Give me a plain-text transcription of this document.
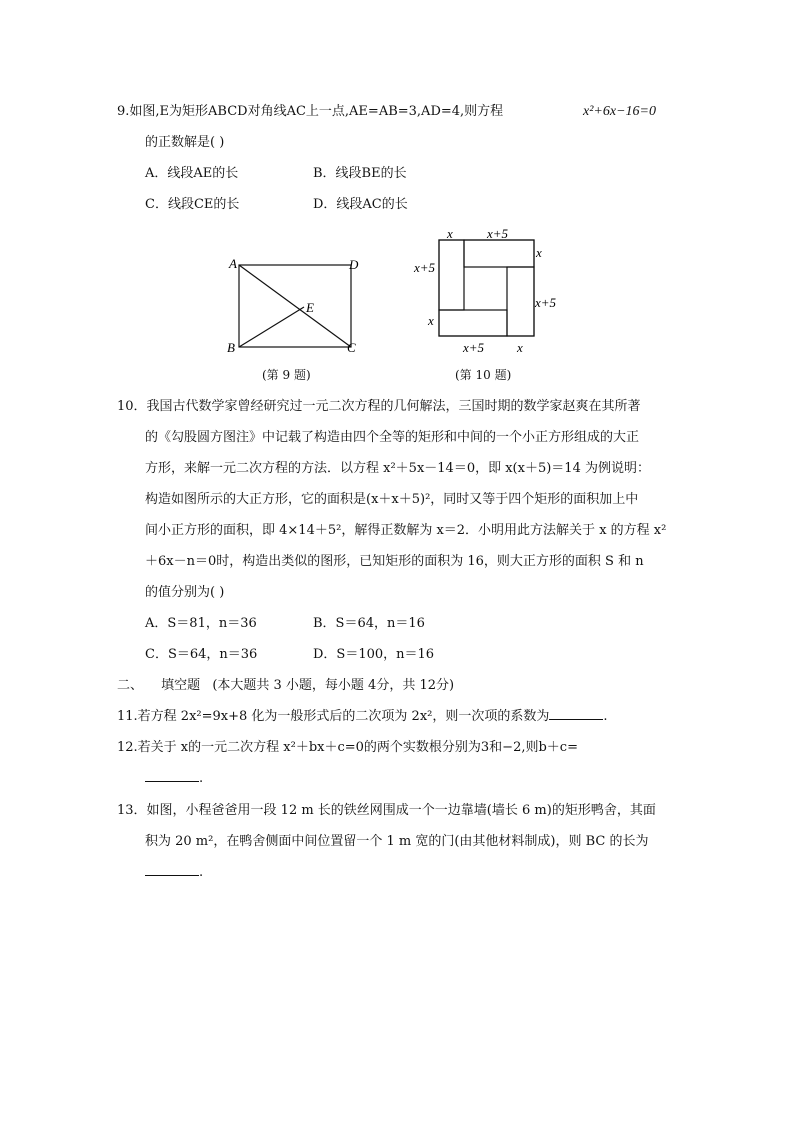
9.如图,E为矩形ABCD对角线AC上一点,AE=AB=3,AD=4,则方程	x²+6x−16=0
的正数解是( )
A．线段AE的长	B．线段BE的长
C．线段CE的长	D．线段AC的长
A	D
B	C
E
(第 9 题)
x	x+5
x
x+5
x+5
x
x+5	x
(第 10 题)
10．我国古代数学家曾经研究过一元二次方程的几何解法，三国时期的数学家赵爽在其所著
的《勾股圆方图注》中记载了构造由四个全等的矩形和中间的一个小正方形组成的大正
方形，来解一元二次方程的方法．以方程 x²＋5x－14＝0，即 x(x＋5)＝14 为例说明：
构造如图所示的大正方形，它的面积是(x＋x＋5)²，同时又等于四个矩形的面积加上中
间小正方形的面积，即 4×14＋5²，解得正数解为 x＝2．小明用此方法解关于 x 的方程 x²
＋6x－n＝0时，构造出类似的图形，已知矩形的面积为 16，则大正方形的面积 S 和 n
的值分别为( )
A．S＝81，n＝36	B．S＝64，n＝16
C．S＝64，n＝36	D．S＝100，n＝16
二、 填空题 (本大题共 3 小题，每小题 4分，共 12分)
11.若方程 2x²=9x+8 化为一般形式后的二次项为 2x²，则一次项的系数为	.
12.若关于 x的一元二次方程 x²＋bx＋c=0的两个实数根分别为3和−2,则b＋c=
.
13．如图，小程爸爸用一段 12 m 长的铁丝网围成一个一边靠墙(墙长 6 m)的矩形鸭舍，其面
积为 20 m²，在鸭舍侧面中间位置留一个 1 m 宽的门(由其他材料制成)，则 BC 的长为
.
